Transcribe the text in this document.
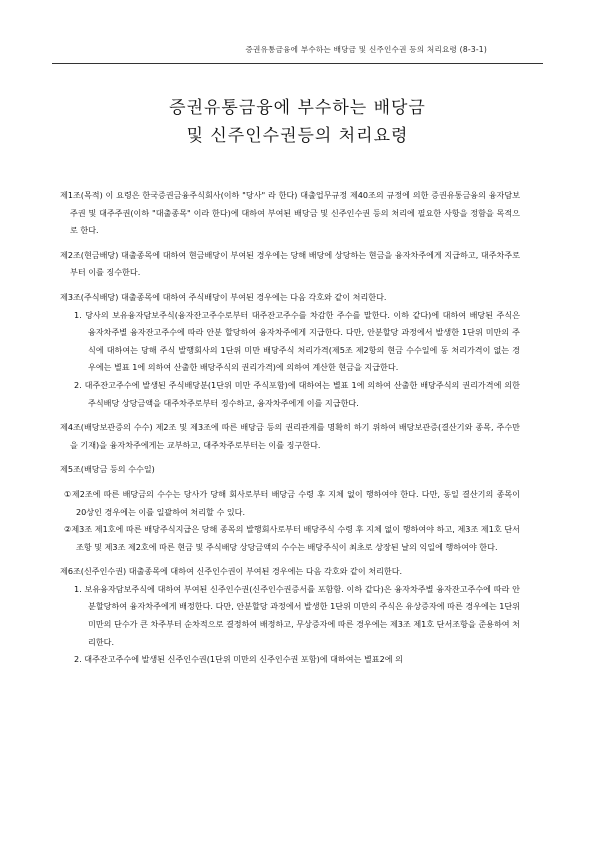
증권유통금융에 부수하는 배당금 및 신주인수권 등의 처리요령 (8-3-1)
증권유통금융에 부수하는 배당금
및 신주인수권등의 처리요령

제1조(목적) 이 요령은 한국증권금융주식회사(이하 "당사" 라 한다) 대출업무규정 제40조의 규정에 의한 증권유통금융의 융자담보주권 및 대주주권(이하 "대출종목" 이라 한다)에 대하여 부여된 배당금 및 신주인수권 등의 처리에 필요한 사항을 정함을 목적으로 한다.

제2조(현금배당) 대출종목에 대하여 현금배당이 부여된 경우에는 당해 배당에 상당하는 현금을 융자차주에게 지급하고, 대주차주로부터 이를 징수한다.

제3조(주식배당) 대출종목에 대하여 주식배당이 부여된 경우에는 다음 각호와 같이 처리한다.

1. 당사의 보유융자담보주식(융자잔고주수로부터 대주잔고주수를 차감한 주수를 말한다. 이하 같다)에 대하여 배당된 주식은 융자차주별 융자잔고주수에 따라 안분 할당하여 융자차주에게 지급한다. 다만, 안분할당 과정에서 발생한 1단위 미만의 주식에 대하여는 당해 주식 발행회사의 1단위 미만 배당주식 처리가격(제5조 제2항의 현금 수수일에 동 처리가격이 없는 경우에는 별표 1에 의하여 산출한 배당주식의 권리가격)에 의하여 계산한 현금을 지급한다.

2. 대주잔고주수에 발생된 주식배당분(1단위 미만 주식포함)에 대하여는 별표 1에 의하여 산출한 배당주식의 권리가격에 의한 주식배당 상당금액을 대주차주로부터 징수하고, 융자차주에게 이를 지급한다.

제4조(배당보관증의 수수) 제2조 및 제3조에 따른 배당금 등의 권리관계를 명확히 하기 위하여 배당보관증(결산기와 종목, 주수만을 기재)을 융자차주에게는 교부하고, 대주차주로부터는 이를 징구한다.

제5조(배당금 등의 수수일)

①제2조에 따른 배당금의 수수는 당사가 당해 회사로부터 배당금 수령 후 지체 없이 행하여야 한다. 다만, 동일 결산기의 종목이 20상인 경우에는 이를 일괄하여 처리할 수 있다.

②제3조 제1호에 따른 배당주식지급은 당해 종목의 발행회사로부터 배당주식 수령 후 지체 없이 행하여야 하고, 제3조 제1호 단서조항 및 제3조 제2호에 따른 현금 및 주식배당 상당금액의 수수는 배당주식이 최초로 상장된 날의 익일에 행하여야 한다.

제6조(신주인수권) 대출종목에 대하여 신주인수권이 부여된 경우에는 다음 각호와 같이 처리한다.

1. 보유융자담보주식에 대하여 부여된 신주인수권(신주인수권증서를 포함함. 이하 같다)은 융자차주별 융자잔고주수에 따라 안분할당하여 융자차주에게 배정한다. 다만, 안분할당 과정에서 발생한 1단위 미만의 주식은 유상증자에 따른 경우에는 1단위 미만의 단수가 큰 차주부터 순차적으로 결정하여 배정하고, 무상증자에 따른 경우에는 제3조 제1호 단서조항을 준용하여 처리한다.

2. 대주잔고주수에 발생된 신주인수권(1단위 미만의 신주인수권 포함)에 대하여는 별표2에 의
